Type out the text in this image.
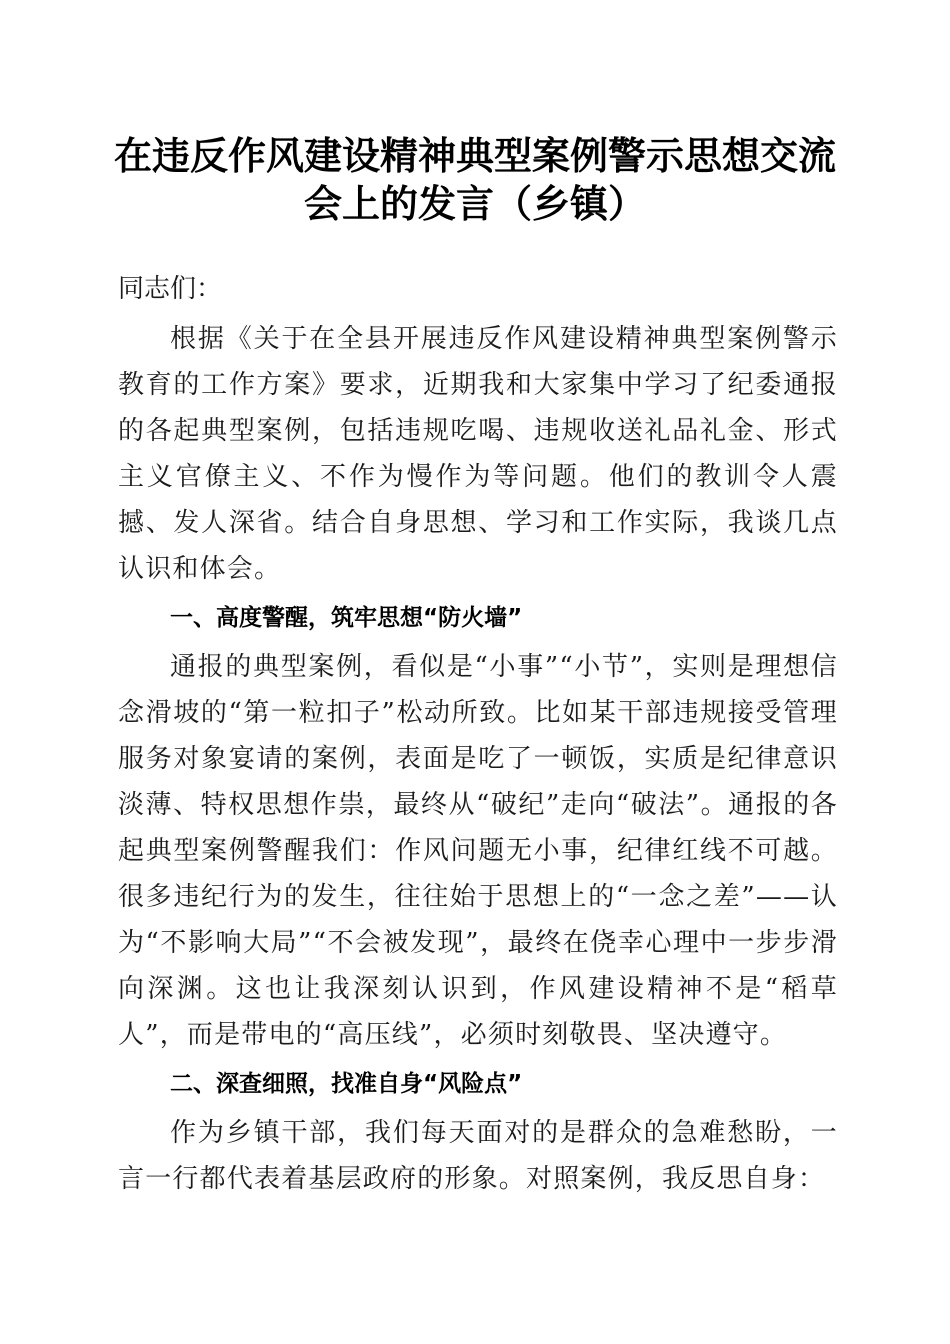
在违反作风建设精神典型案例警示思想交流会上的发言（乡镇）

同志们：

根据《关于在全县开展违反作风建设精神典型案例警示教育的工作方案》要求，近期我和大家集中学习了纪委通报的各起典型案例，包括违规吃喝、违规收送礼品礼金、形式主义官僚主义、不作为慢作为等问题。他们的教训令人震撼、发人深省。结合自身思想、学习和工作实际，我谈几点认识和体会。

一、高度警醒，筑牢思想“防火墙”

通报的典型案例，看似是“小事”“小节”，实则是理想信念滑坡的“第一粒扣子”松动所致。比如某干部违规接受管理服务对象宴请的案例，表面是吃了一顿饭，实质是纪律意识淡薄、特权思想作祟，最终从“破纪”走向“破法”。通报的各起典型案例警醒我们：作风问题无小事，纪律红线不可越。很多违纪行为的发生，往往始于思想上的“一念之差”——认为“不影响大局”“不会被发现”，最终在侥幸心理中一步步滑向深渊。这也让我深刻认识到，作风建设精神不是“稻草人”，而是带电的“高压线”，必须时刻敬畏、坚决遵守。

二、深查细照，找准自身“风险点”

作为乡镇干部，我们每天面对的是群众的急难愁盼，一言一行都代表着基层政府的形象。对照案例，我反思自身：
